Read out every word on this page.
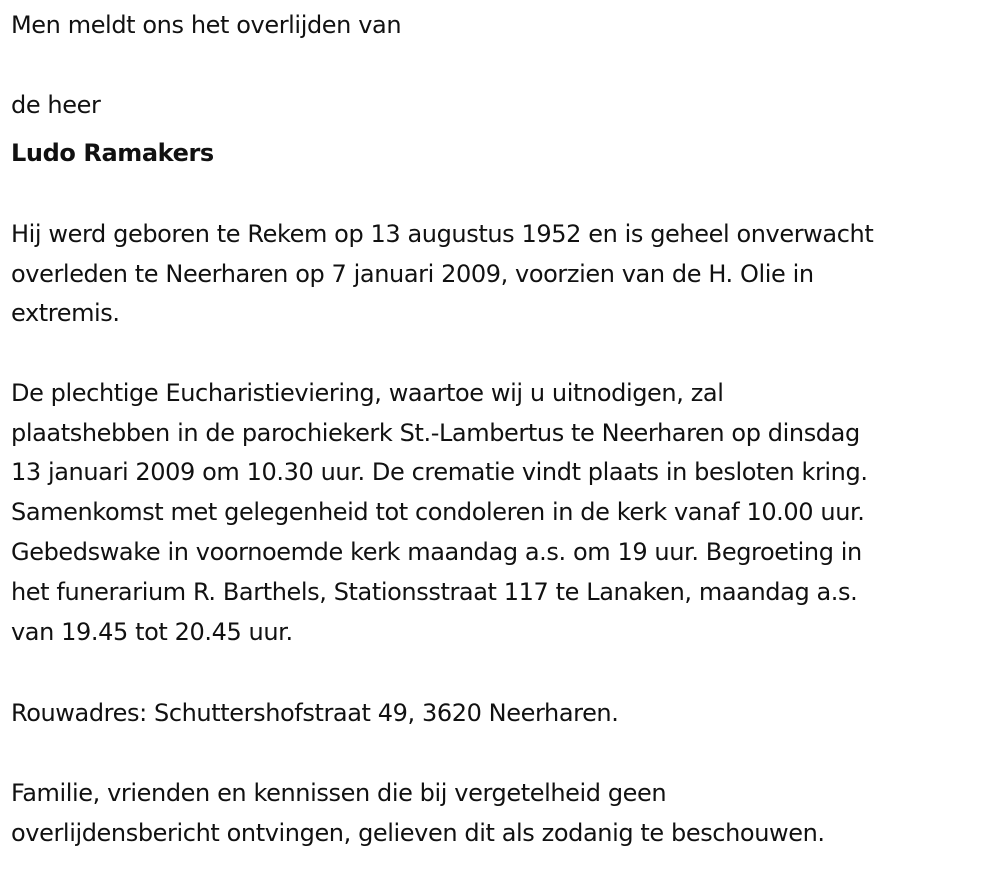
Men meldt ons het overlijden van
de heer
Ludo Ramakers
Hij werd geboren te Rekem op 13 augustus 1952 en is geheel onverwacht
overleden te Neerharen op 7 januari 2009, voorzien van de H. Olie in
extremis.
De plechtige Eucharistieviering, waartoe wij u uitnodigen, zal
plaatshebben in de parochiekerk St.-Lambertus te Neerharen op dinsdag
13 januari 2009 om 10.30 uur. De crematie vindt plaats in besloten kring.
Samenkomst met gelegenheid tot condoleren in de kerk vanaf 10.00 uur.
Gebedswake in voornoemde kerk maandag a.s. om 19 uur. Begroeting in
het funerarium R. Barthels, Stationsstraat 117 te Lanaken, maandag a.s.
van 19.45 tot 20.45 uur.
Rouwadres: Schuttershofstraat 49, 3620 Neerharen.
Familie, vrienden en kennissen die bij vergetelheid geen
overlijdensbericht ontvingen, gelieven dit als zodanig te beschouwen.
